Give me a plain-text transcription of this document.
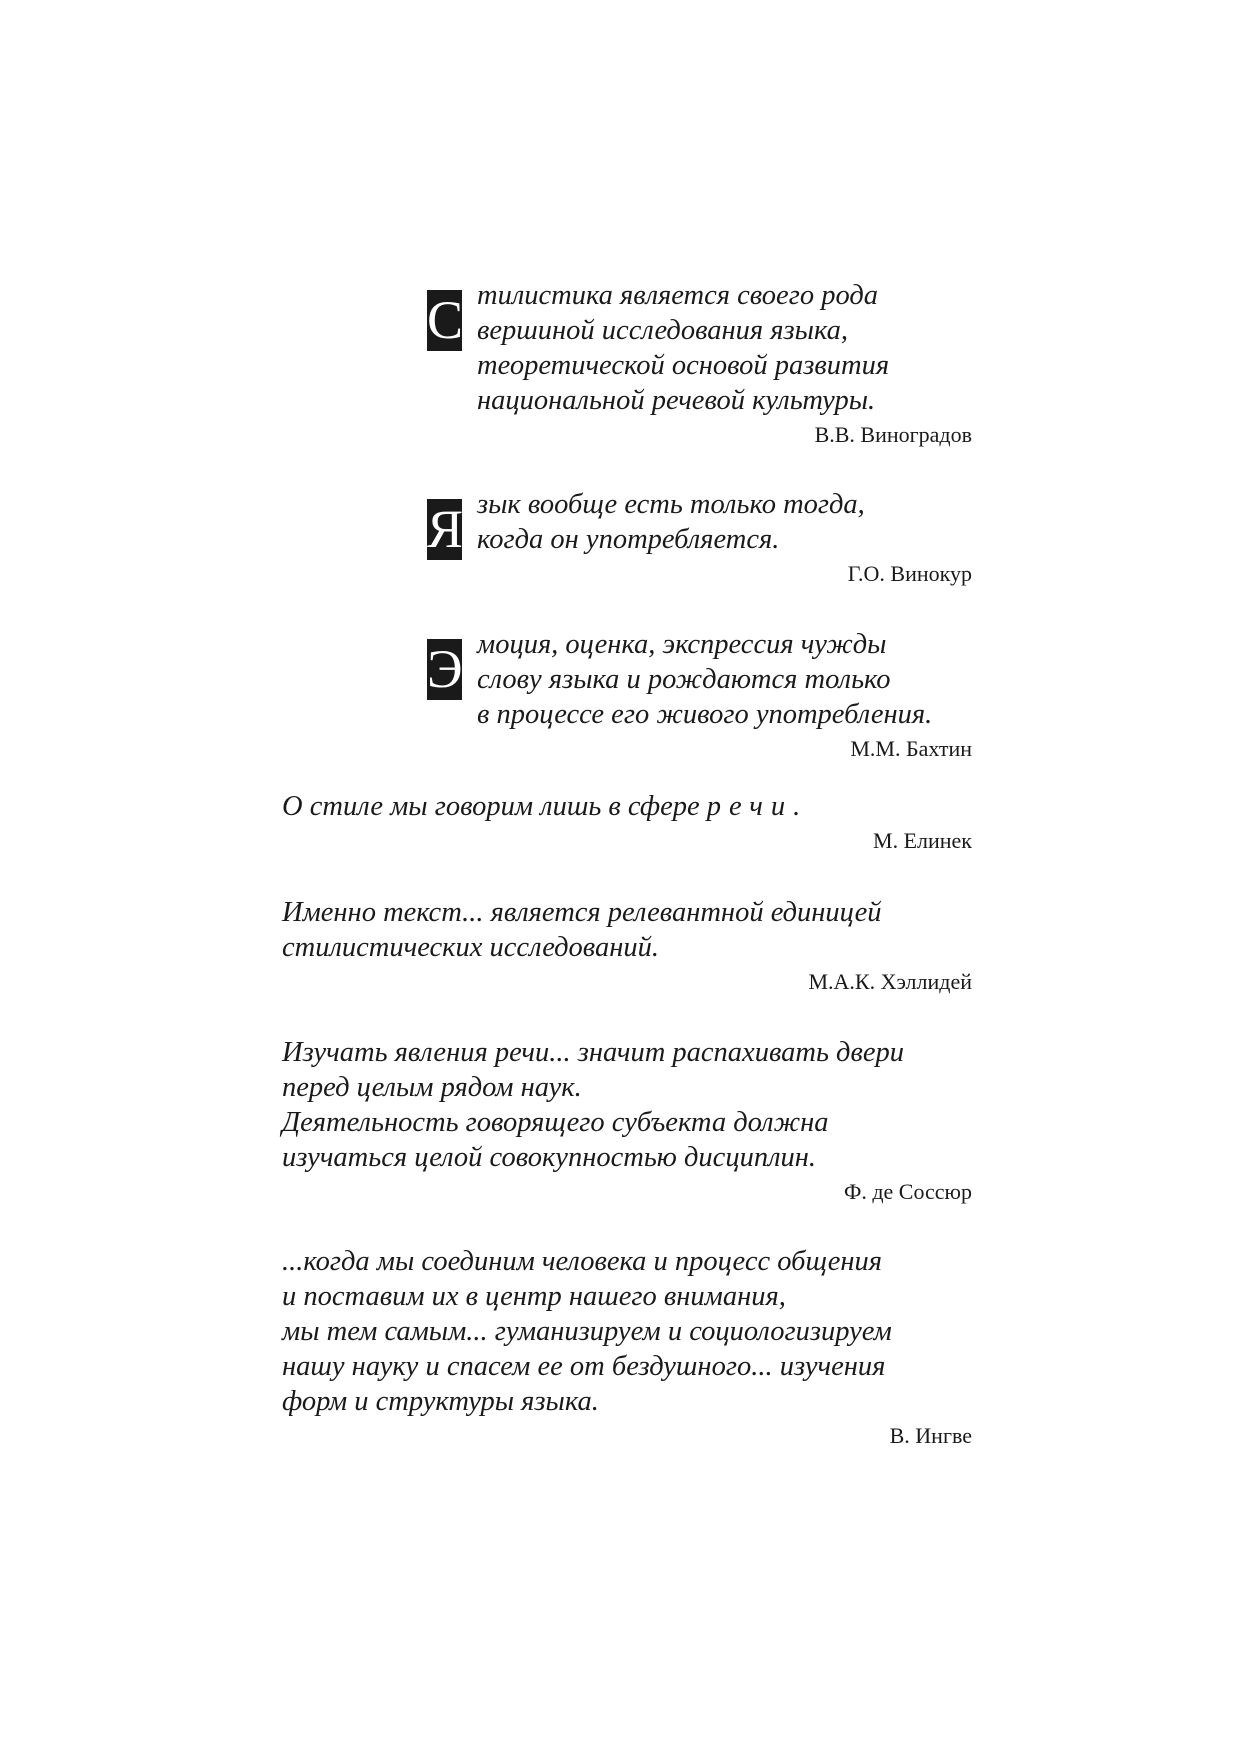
С тилистика является своего рода
вершиной исследования языка,
теоретической основой развития
национальной речевой культуры.
В.В. Виноградов
Я зык вообще есть только тогда,
когда он употребляется.
Г.О. Винокур
Э моция, оценка, экспрессия чужды
слову языка и рождаются только
в процессе его живого употребления.
М.М. Бахтин
О стиле мы говорим лишь в сфере речи.
М. Елинек
Именно текст... является релевантной единицей
стилистических исследований.
М.А.К. Хэллидей
Изучать явления речи... значит распахивать двери
перед целым рядом наук.
Деятельность говорящего субъекта должна
изучаться целой совокупностью дисциплин.
Ф. де Соссюр
...когда мы соединим человека и процесс общения
и поставим их в центр нашего внимания,
мы тем самым... гуманизируем и социологизируем
нашу науку и спасем ее от бездушного... изучения
форм и структуры языка.
В. Ингве
